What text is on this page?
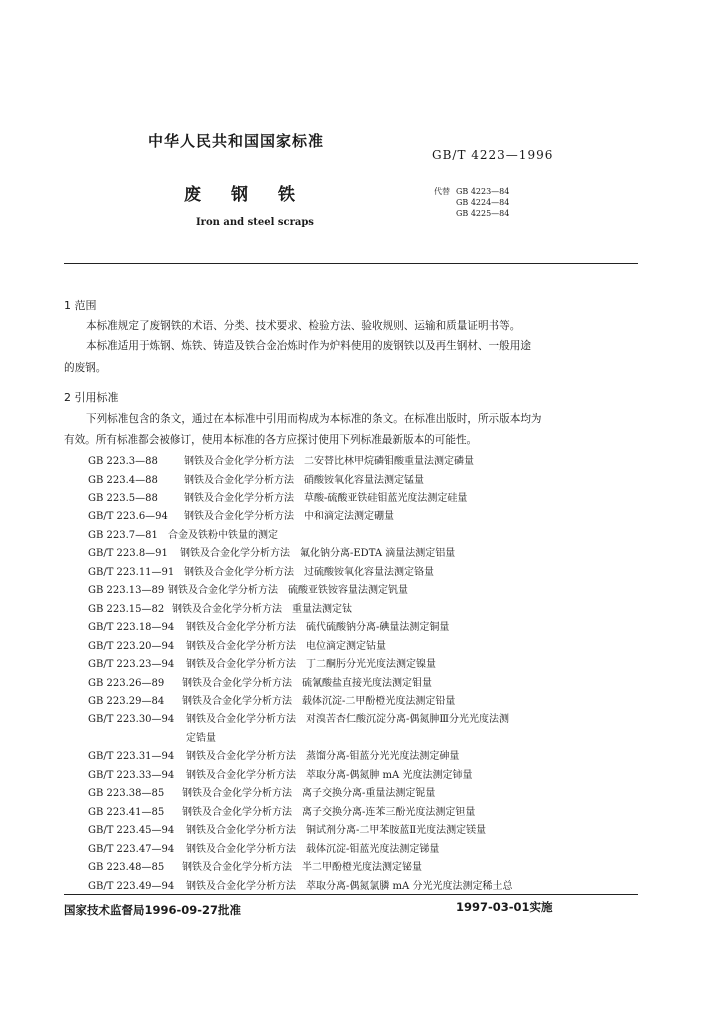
中华人民共和国国家标准
GB/T 4223—1996
废 钢 铁
Iron and steel scraps
代替 GB 4223—84
GB 4224—84
GB 4225—84
1 范围
本标准规定了废钢铁的术语、分类、技术要求、检验方法、验收规则、运输和质量证明书等。
本标准适用于炼钢、炼铁、铸造及铁合金冶炼时作为炉料使用的废钢铁以及再生钢材、一般用途
的废钢。
2 引用标准
下列标准包含的条文，通过在本标准中引用而构成为本标准的条文。在标准出版时，所示版本均为
有效。所有标准都会被修订，使用本标准的各方应探讨使用下列标准最新版本的可能性。
GB 223.3—88	钢铁及合金化学分析方法　二安替比林甲烷磷钼酸重量法测定磷量
GB 223.4—88	钢铁及合金化学分析方法　硝酸铵氧化容量法测定锰量
GB 223.5—88	钢铁及合金化学分析方法　草酸-硫酸亚铁硅钼蓝光度法测定硅量
GB/T 223.6—94 钢铁及合金化学分析方法　中和滴定法测定硼量
GB 223.7—81 合金及铁粉中铁量的测定
GB/T 223.8—91 钢铁及合金化学分析方法　氟化钠分离-EDTA 滴量法测定铝量
GB/T 223.11—91 钢铁及合金化学分析方法　过硫酸铵氧化容量法测定铬量
GB 223.13—89 钢铁及合金化学分析方法　硫酸亚铁铵容量法测定钒量
GB 223.15—82 钢铁及合金化学分析方法　重量法测定钛
GB/T 223.18—94 钢铁及合金化学分析方法　硫代硫酸钠分离-碘量法测定铜量
GB/T 223.20—94 钢铁及合金化学分析方法　电位滴定测定钴量
GB/T 223.23—94 钢铁及合金化学分析方法　丁二酮肟分光光度法测定镍量
GB 223.26—89 钢铁及合金化学分析方法　硫氰酸盐直接光度法测定钼量
GB 223.29—84 钢铁及合金化学分析方法　载体沉淀-二甲酚橙光度法测定铅量
GB/T 223.30—94 钢铁及合金化学分析方法　对溴苦杏仁酸沉淀分离-偶氮胂Ⅲ分光光度法测
定锆量
GB/T 223.31—94 钢铁及合金化学分析方法　蒸馏分离-钼蓝分光光度法测定砷量
GB/T 223.33—94 钢铁及合金化学分析方法　萃取分离-偶氮胂 mA 光度法测定铈量
GB 223.38—85 钢铁及合金化学分析方法　离子交换分离-重量法测定铌量
GB 223.41—85 钢铁及合金化学分析方法　离子交换分离-连苯三酚光度法测定钽量
GB/T 223.45—94 钢铁及合金化学分析方法　铜试剂分离-二甲苯胺蓝Ⅱ光度法测定镁量
GB/T 223.47—94 钢铁及合金化学分析方法　载体沉淀-钼蓝光度法测定锑量
GB 223.48—85 钢铁及合金化学分析方法　半二甲酚橙光度法测定铋量
GB/T 223.49—94 钢铁及合金化学分析方法　萃取分离-偶氮氯膦 mA 分光光度法测定稀土总
国家技术监督局1996-09-27批准	1997-03-01实施
